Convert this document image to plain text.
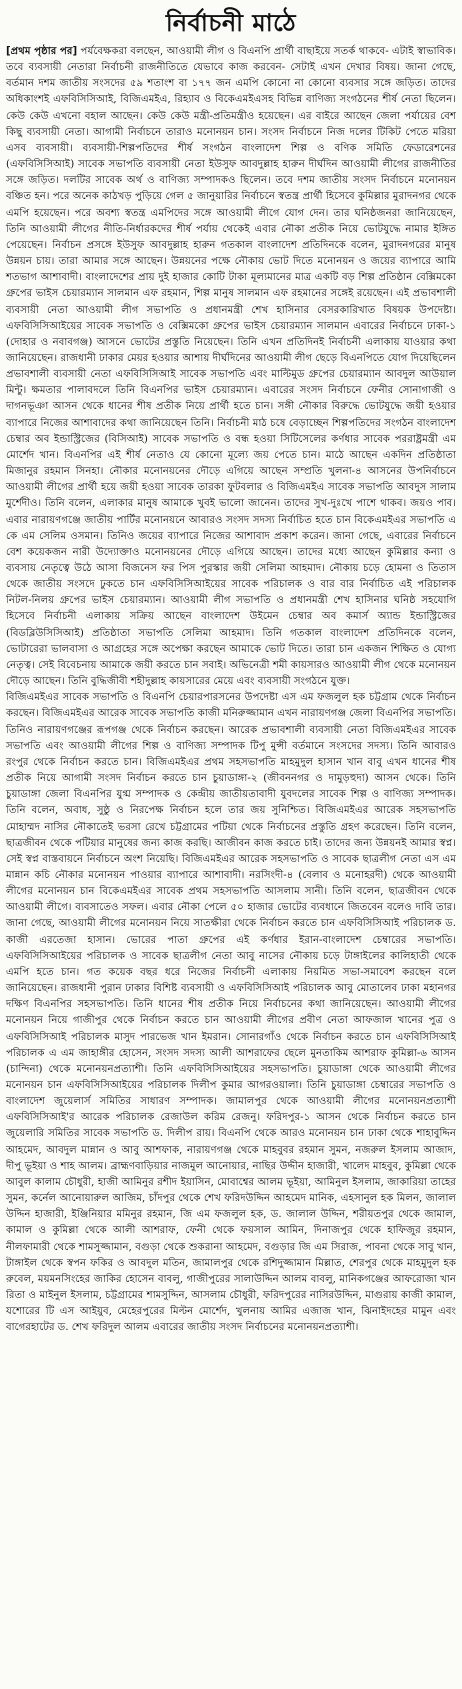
নির্বাচনী মাঠে

[প্রথম পৃষ্ঠার পর] পর্যবেক্ষকরা বলছেন, আওয়ামী লীগ ও বিএনপি প্রার্থী বাছাইয়ে সতর্ক থাকবে- এটাই স্বাভাবিক। তবে ব্যবসায়ী নেতারা নির্বাচনী রাজনীতিতে যেভাবে কাজ করবেন- সেটাই এখন দেখার বিষয়। জানা গেছে, বর্তমান দশম জাতীয় সংসদের ৫৯ শতাংশ বা ১৭৭ জন এমপি কোনো না কোনো ব্যবসার সঙ্গে জড়িত। তাদের অধিকাংশই এফবিসিসিআই, বিজিএমইএ, রিহ্যাব ও বিকেএমইএসহ বিভিন্ন বাণিজ্য সংগঠনের শীর্ষ নেতা ছিলেন। কেউ কেউ এখনো বহাল আছেন। কেউ কেউ মন্ত্রী-প্রতিমন্ত্রীও হয়েছেন। এর বাইরে আছেন জেলা পর্যায়ের বেশ কিছু ব্যবসায়ী নেতা। আগামী নির্বাচনে তারাও মনোনয়ন চান। সংসদ নির্বাচনে নিজ দলের টিকিট পেতে মরিয়া এসব ব্যবসায়ী। ব্যবসায়ী-শিল্পপতিদের শীর্ষ সংগঠন বাংলাদেশ শিল্প ও বণিক সমিতি ফেডারেশনের (এফবিসিসিআই) সাবেক সভাপতি ব্যবসায়ী নেতা ইউসুফ আবদুল্লাহ হারুন দীর্ঘদিন আওয়ামী লীগের রাজনীতির সঙ্গে জড়িত। দলটির সাবেক অর্থ ও বাণিজ্য সম্পাদকও ছিলেন। তবে দশম জাতীয় সংসদ নির্বাচনে মনোনয়ন বঞ্চিত হন। পরে অনেক কাঠখড় পুড়িয়ে গেল ৫ জানুয়ারির নির্বাচনে স্বতন্ত্র প্রার্থী হিসেবে কুমিল্লার মুরাদনগর থেকে এমপি হয়েছেন। পরে অবশ্য স্বতন্ত্র এমপিদের সঙ্গে আওয়ামী লীগে যোগ দেন। তার ঘনিষ্ঠজনরা জানিয়েছেন, তিনি আওয়ামী লীগের নীতি-নির্ধারকদের শীর্ষ পর্যায় থেকেই এবার নৌকা প্রতীক নিয়ে ভোটযুদ্ধে নামার ইঙ্গিত পেয়েছেন। নির্বাচন প্রসঙ্গে ইউসুফ আবদুল্লাহ হারুন গতকাল বাংলাদেশ প্রতিদিনকে বলেন, মুরাদনগরের মানুষ উন্নয়ন চায়। তারা আমার সঙ্গে আছেন। উন্নয়নের পক্ষে নৌকায় ভোট দিতে মনোনয়ন ও জয়ের ব্যাপারে আমি শতভাগ আশাবাদী। বাংলাদেশের প্রায় দুই হাজার কোটি টাকা মূল্যমানের মাত্র একটি বড় শিল্প প্রতিষ্ঠান বেক্সিমকো গ্রুপের ভাইস চেয়ারম্যান সালমান এফ রহমান, শিল্প মানুষ সালমান এফ রহমানের সঙ্গেই রয়েছেন। এই প্রভাবশালী ব্যবসায়ী নেতা আওয়ামী লীগ সভাপতি ও প্রধানমন্ত্রী শেখ হাসিনার বেসরকারিখাত বিষয়ক উপদেষ্টা। এফবিসিসিআইয়ের সাবেক সভাপতি ও বেক্সিমকো গ্রুপের ভাইস চেয়ারম্যান সালমান এবারের নির্বাচনে ঢাকা-১ (দোহার ও নবাবগঞ্জ) আসনে ভোটের প্রস্তুতি নিয়েছেন। তিনি এখন প্রতিদিনই নির্বাচনী এলাকায় যাওয়ার কথা জানিয়েছেন। রাজধানী ঢাকার মেয়র হওয়ার আশায় দীর্ঘদিনের আওয়ামী লীগ ছেড়ে বিএনপিতে যোগ দিয়েছিলেন প্রভাবশালী ব্যবসায়ী নেতা এফবিসিসিআই সাবেক সভাপতি এবং মাল্টিমুড গ্রুপের চেয়ারম্যান আবদুল আউয়াল মিন্টু। ক্ষমতার পালাবদলে তিনি বিএনপির ভাইস চেয়ারম্যান। এবারের সংসদ নির্বাচনে ফেনীর সোনাগাজী ও দাগনভূঞা আসন থেকে ধানের শীষ প্রতীক নিয়ে প্রার্থী হতে চান। সঙ্গী নৌকার বিরুদ্ধে ভোটযুদ্ধে জয়ী হওয়ার ব্যাপারে নিজের আশাবাদের কথা জানিয়েছেন তিনি। নির্বাচনী মাঠ চষে বেড়াচ্ছেন শিল্পপতিদের সংগঠন বাংলাদেশ চেম্বার অব ইন্ডাস্ট্রিজের (বিসিআই) সাবেক সভাপতি ও বন্ধ হওয়া সিটিসেলের কর্ণধার সাবেক পররাষ্ট্রমন্ত্রী এম মোর্শেদ খান। বিএনপির এই শীর্ষ নেতাও যে কোনো মূল্যে জয় পেতে চান। মাঠে আছেন একদিন প্রতিষ্ঠাতা মিজানুর রহমান সিনহা। নৌকার মনোনয়নের দৌড়ে এগিয়ে আছেন সম্প্রতি খুলনা-৪ আসনের উপনির্বাচনে আওয়ামী লীগের প্রার্থী হয়ে জয়ী হওয়া সাবেক তারকা ফুটবলার ও বিজিএমইএ সাবেক সভাপতি আবদুস সালাম মুর্শেদীও। তিনি বলেন, এলাকার মানুষ আমাকে খুবই ভালো জানেন। তাদের সুখ-দুঃখে পাশে থাকব। জয়ও পাব। এবার নারায়ণগঞ্জে জাতীয় পার্টির মনোনয়নে আবারও সংসদ সদস্য নির্বাচিত হতে চান বিকেএমইএর সভাপতি এ কে এম সেলিম ওসমান। তিনিও জয়ের ব্যাপারে নিজের আশাবাদ প্রকাশ করেন। জানা গেছে, এবারের নির্বাচনে বেশ কয়েকজন নারী উদ্যোক্তাও মনোনয়নের দৌড়ে এগিয়ে আছেন। তাদের মধ্যে আছেন কুমিল্লার কন্যা ও ব্যবসায় নেতৃত্বে উঠে আসা বিজনেস ফর পিস পুরস্কার জয়ী সেলিমা আহমাদ। নৌকায় চড়ে হোমনা ও তিতাস থেকে জাতীয় সংসদে ঢুকতে চান এফবিসিসিআইয়ের সাবেক পরিচালক ও বার বার নির্বাচিত এই পরিচালক নিটল-নিলয় গ্রুপের ভাইস চেয়ারম্যান। আওয়ামী লীগ সভাপতি ও প্রধানমন্ত্রী শেখ হাসিনার ঘনিষ্ঠ সহযোগি হিসেবে নির্বাচনী এলাকায় সক্রিয় আছেন বাংলাদেশ উইমেন চেম্বার অব কমার্স অ্যান্ড ইন্ডাস্ট্রিজের (বিডব্লিউসিসিআই) প্রতিষ্ঠাতা সভাপতি সেলিমা আহমাদ। তিনি গতকাল বাংলাদেশ প্রতিদিনকে বলেন, ভোটারেরা ভালবাসা ও আগ্রহের সঙ্গে অপেক্ষা করছেন আমাকে ভোট দিতে। তারা চান একজন শিক্ষিত ও যোগ্য নেতৃত্ব। সেই বিবেচনায় আমাকে জয়ী করতে চান সবাই। অভিনেত্রী শমী কায়সারও আওয়ামী লীগ থেকে মনোনয়ন দৌড়ে আছেন। তিনি বুদ্ধিজীবী শহীদুল্লাহ কায়সারের মেয়ে এবং ব্যবসায়ী সংগঠনে যুক্ত।

বিজিএমইএর সাবেক সভাপতি ও বিএনপি চেয়ারপারসনের উপদেষ্টা এস এম ফজলুল হক চট্টগ্রাম থেকে নির্বাচন করছেন। বিজিএমইএর আরেক সাবেক সভাপতি কাজী মনিরুজ্জামান এখন নারায়ণগঞ্জ জেলা বিএনপির সভাপতি। তিনিও নারায়ণগঞ্জের রূপগঞ্জ থেকে নির্বাচন করছেন। আরেক প্রভাবশালী ব্যবসায়ী নেতা বিজিএমইএর সাবেক সভাপতি এবং আওয়ামী লীগের শিল্প ও বাণিজ্য সম্পাদক টিপু মুন্সী বর্তমানে সংসদের সদস্য। তিনি আবারও রংপুর থেকে নির্বাচন করতে চান। বিজিএমইএর প্রথম সহসভাপতি মাহমুদুল হাসান খান বাবু এখন ধানের শীষ প্রতীক নিয়ে আগামী সংসদ নির্বাচন করতে চান চুয়াডাঙ্গা-২ (জীবননগর ও দামুড়হুদা) আসন থেকে। তিনি চুয়াডাঙ্গা জেলা বিএনপির যুগ্ম সম্পাদক ও কেন্দ্রীয় জাতীয়তাবাদী যুবদলের সাবেক শিল্প ও বাণিজ্য সম্পাদক। তিনি বলেন, অবাধ, সুষ্ঠু ও নিরপেক্ষ নির্বাচন হলে তার জয় সুনিশ্চিত। বিজিএমইএর আরেক সহসভাপতি মোহাম্মদ নাসির নৌকাতেই ভরসা রেখে চট্টগ্রামের পটিয়া থেকে নির্বাচনের প্রস্তুতি গ্রহণ করেছেন। তিনি বলেন, ছাত্রজীবন থেকে পটিয়ার মানুষের জন্য কাজ করছি। আজীবন কাজ করতে চাই। তাদের জন্য উন্নয়নই আমার স্বপ্ন। সেই স্বপ্ন বাস্তবায়নে নির্বাচনে অংশ নিয়েছি। বিজিএমইএর আরেক সহসভাপতি ও সাবেক ছাত্রলীগ নেতা এস এম মান্নান কচি নৌকার মনোনয়ন পাওয়ার ব্যাপারে আশাবাদী। নরসিংদী-৪ (বেলাব ও মনোহরদী) থেকে আওয়ামী লীগের মনোনয়ন চান বিকেএমইএর সাবেক প্রথম সহসভাপতি আসলাম সানী। তিনি বলেন, ছাত্রজীবন থেকে আওয়ামী লীগে। ব্যবসাতেও সফল। এবার নৌকা পেলে ৫০ হাজার ভোটের ব্যবধানে জিতবেন বলেও দাবি তার। জানা গেছে, আওয়ামী লীগের মনোনয়ন নিয়ে সাতক্ষীরা থেকে নির্বাচন করতে চান এফবিসিসিআই পরিচালক ড. কাজী এরতেজা হাসান। ভোরের পাতা গ্রুপের এই কর্ণধার ইরান-বাংলাদেশ চেম্বারের সভাপতি। এফবিসিসিআইয়ের পরিচালক ও সাবেক ছাত্রলীগ নেতা আবু নাসের নৌকায় চড়ে টাঙ্গাইলের কালিহাতী থেকে এমপি হতে চান। গত কয়েক বছর ধরে নিজের নির্বাচনী এলাকায় নিয়মিত সভা-সমাবেশ করছেন বলে জানিয়েছেন। রাজধানী পুরান ঢাকার বিশিষ্ট ব্যবসায়ী ও এফবিসিসিআই পরিচালক আবু মোতালেব ঢাকা মহানগর দক্ষিণ বিএনপির সহসভাপতি। তিনি ধানের শীষ প্রতীক নিয়ে নির্বাচনের কথা জানিয়েছেন। আওয়ামী লীগের মনোনয়ন নিয়ে গাজীপুর থেকে নির্বাচন করতে চান আওয়ামী লীগের প্রবীণ নেতা আফজাল খানের পুত্র ও এফবিসিসিআই পরিচালক মাসুদ পারভেজ খান ইমরান। সোনারগাঁও থেকে নির্বাচন করতে চান এফবিসিসিআই পরিচালক এ এম জাহাঙ্গীর হোসেন, সংসদ সদস্য আলী আশরাফের ছেলে মুনতাকিম আশরাফ কুমিল্লা-৬ আসন (চান্দিনা) থেকে মনোনয়নপ্রত্যাশী। তিনি এফবিসিসিআইয়ের সহসভাপতি। চুয়াডাঙ্গা থেকে আওয়ামী লীগের মনোনয়ন চান এফবিসিসিআইয়ের পরিচালক দিলীপ কুমার আগরওয়ালা। তিনি চুয়াডাঙ্গা চেম্বারের সভাপতি ও বাংলাদেশ জুয়েলার্স সমিতির সাধারণ সম্পাদক। জামালপুর থেকে আওয়ামী লীগের মনোনয়নপ্রত্যাশী এফবিসিসিআই'র আরেক পরিচালক রেজাউল করিম রেজনু। ফরিদপুর-১ আসন থেকে নির্বাচন করতে চান জুয়েলারি সমিতির সাবেক সভাপতি ড. দিলীপ রায়। বিএনপি থেকে আরও মনোনয়ন চান ঢাকা থেকে শাহাবুদ্দিন আহমেদ, আবদুল মান্নান ও আবু আশফাক, নারায়ণগঞ্জ থেকে মাহবুবর রহমান সুমন, নজরুল ইসলাম আজাদ, দীপু ভূইয়া ও শাহ আলম। ব্রাহ্মণবাড়িয়ার নাজমুল আনোয়ার, নাছির উদ্দীন হাজারী, খালেদ মাহবুব, কুমিল্লা থেকে আবুল কালাম চৌধুরী, হাজী আমিনুর রশীদ ইয়াসিন, মোবাশ্বের আলম ভূইয়া, আমিনুল ইসলাম, জাকারিয়া তাহের সুমন, কর্নেল আনোয়ারুল আজিম, চাঁদপুর থেকে শেখ ফরিদউদ্দিন আহমেদ মানিক, এহসানুল হক মিলন, জালাল উদ্দিন হাজারী, ইঞ্জিনিয়ার মমিনুর রহমান, জি এম ফজলুল হক, ড. জালাল উদ্দিন, শরীয়তপুর থেকে জামাল, কামাল ও কুমিল্লা থেকে আলী আশরাফ, ফেনী থেকে ফয়সাল আমিন, দিনাজপুর থেকে হাফিজুর রহমান, নীলফামারী থেকে শামসুজ্জামান, বগুড়া থেকে শুকরানা আহমেদ, বগুড়ার জি এম সিরাজ, পাবনা থেকে সাবু খান, টাঙ্গাইল থেকে স্বপন ফকির ও আবদুল মতিন, জামালপুর থেকে রশিদুজ্জামান মিল্লাত, শেরপুর থেকে মাহমুদুল হক রুবেল, ময়মনসিংহের জাকির হোসেন বাবলু, গাজীপুরের সালাউদ্দিন আলম বাবলু, মানিকগঞ্জের আফরোজা খান রিতা ও মাইনুল ইসলাম, চট্টগ্রামের শামসুদ্দিন, আসলাম চৌধুরী, ফরিদপুরের নাসিরউদ্দিন, মাগুরায় কাজী কামাল, যশোরের টি এস আইয়ুব, মেহেরপুরের মিল্টন মোর্শেদ, খুলনায় আমির এজাজ খান, ঝিনাইদহের মামুন এবং বাগেরহাটের ড. শেখ ফরিদুল আলম এবারের জাতীয় সংসদ নির্বাচনের মনোনয়নপ্রত্যাশী।
